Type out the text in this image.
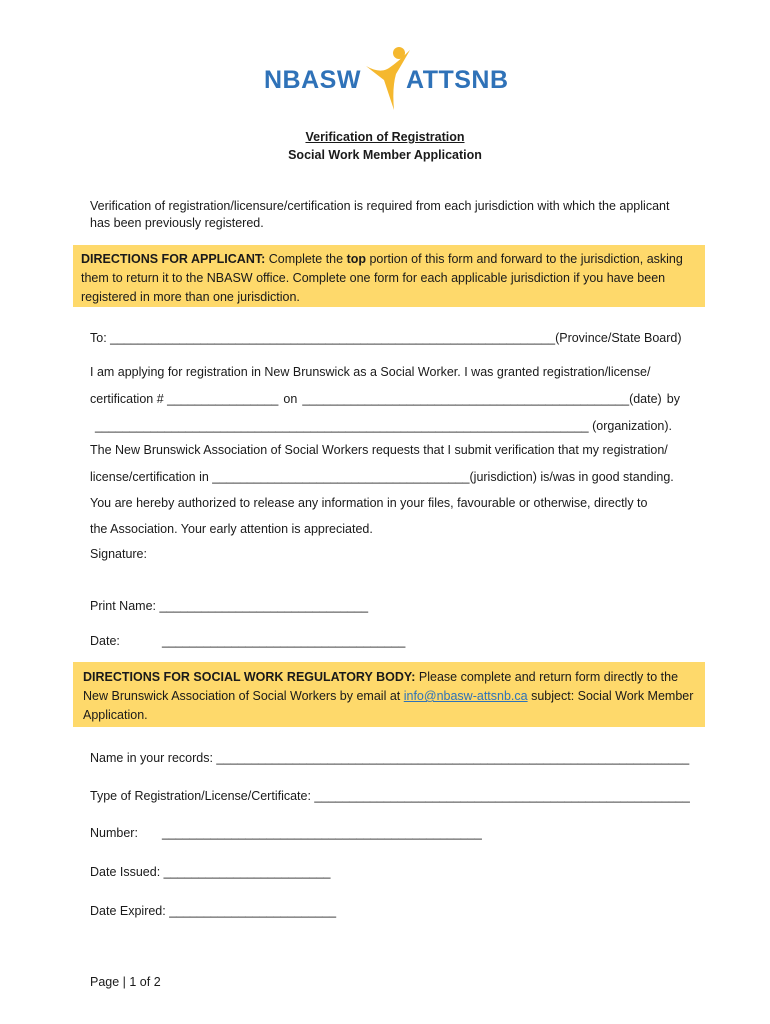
NBASW ATTSNB
Verification of Registration
Social Work Member Application
Verification of registration/licensure/certification is required from each jurisdiction with which the applicant has been previously registered.
DIRECTIONS FOR APPLICANT: Complete the top portion of this form and forward to the jurisdiction, asking them to return it to the NBASW office. Complete one form for each applicable jurisdiction if you have been registered in more than one jurisdiction.
To: ________________________________________________________________(Province/State Board)
I am applying for registration in New Brunswick as a Social Worker. I was granted registration/license/
certification # ________________ on _______________________________________________(date) by
_______________________________________________________________________ (organization).
The New Brunswick Association of Social Workers requests that I submit verification that my registration/
license/certification in _____________________________________(jurisdiction) is/was in good standing.
You are hereby authorized to release any information in your files, favourable or otherwise, directly to
the Association. Your early attention is appreciated.
Signature:
Print Name: ______________________________
Date:	___________________________________
DIRECTIONS FOR SOCIAL WORK REGULATORY BODY: Please complete and return form directly to the New Brunswick Association of Social Workers by email at info@nbasw-attsnb.ca subject: Social Work Member Application.
Name in your records: ____________________________________________________________________
Type of Registration/License/Certificate: ______________________________________________________
Number: ______________________________________________
Date Issued: ________________________
Date Expired: ________________________
Page | 1 of 2
